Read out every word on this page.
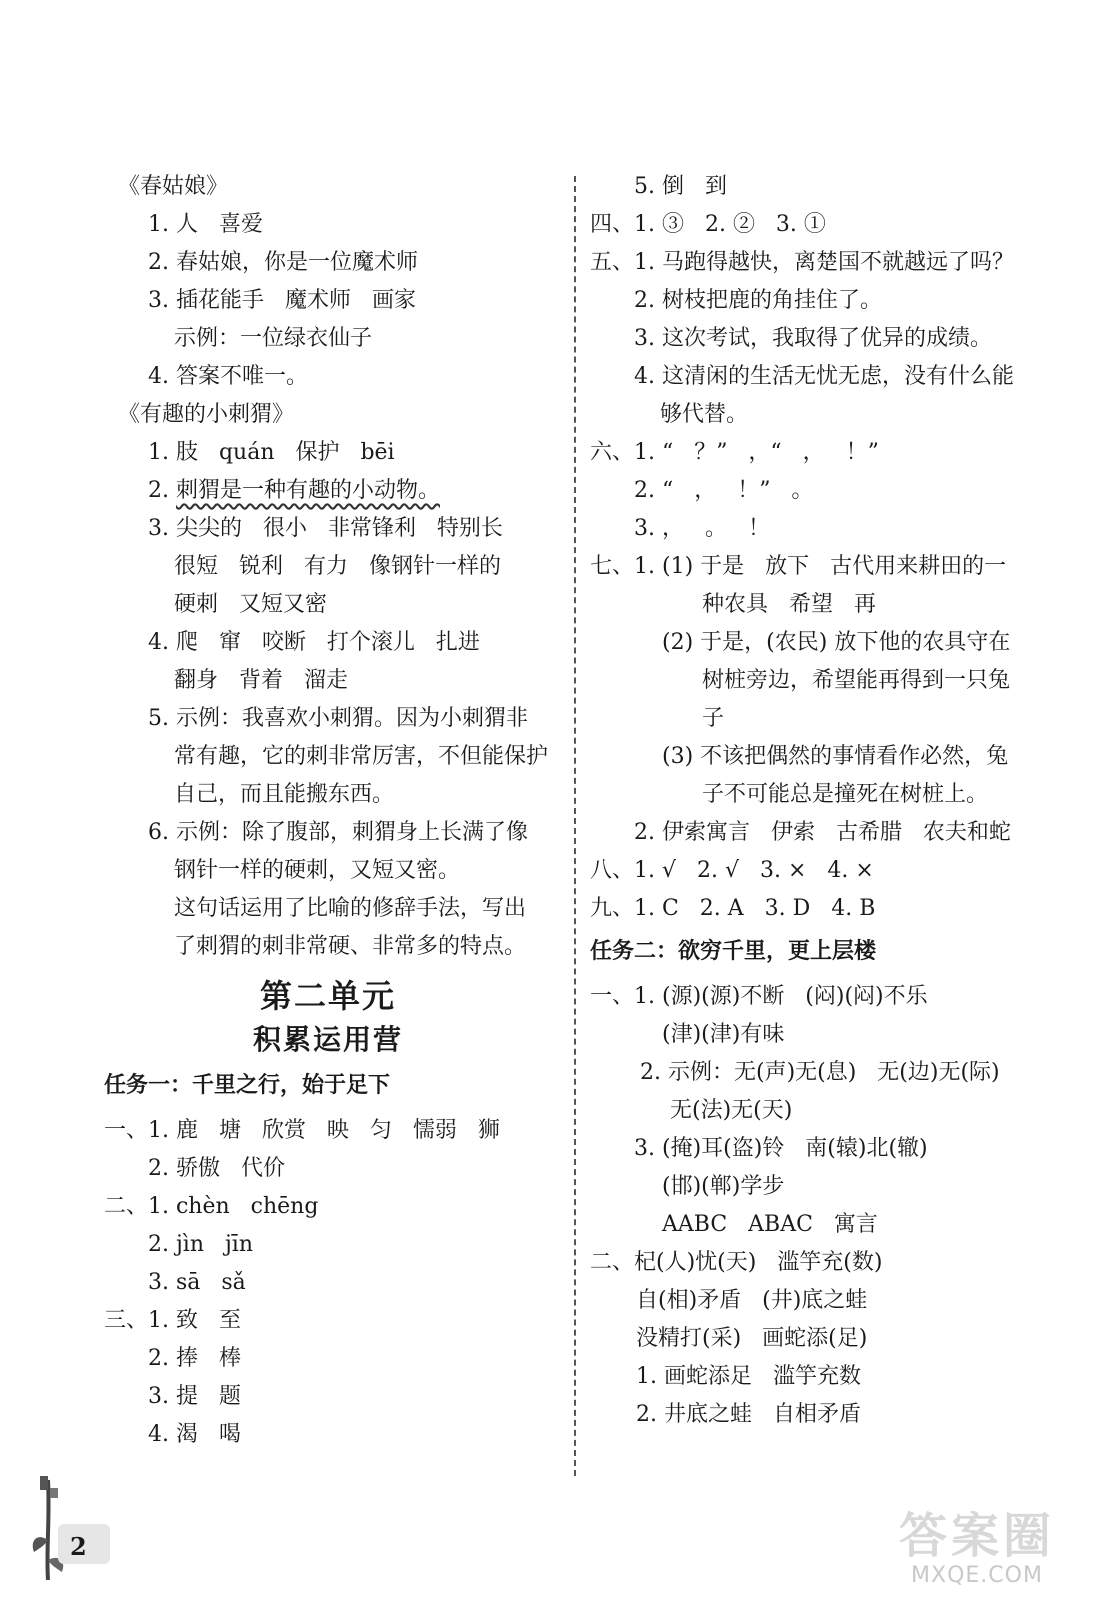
《春姑娘》
1. 人   喜爱
2. 春姑娘，你是一位魔术师
3. 插花能手   魔术师   画家
示例：一位绿衣仙子
4. 答案不唯一。
《有趣的小刺猬》
1. 肢   quán   保护   bēi
2. 刺猬是一种有趣的小动物。
3. 尖尖的   很小   非常锋利   特别长
很短   锐利   有力   像钢针一样的
硬刺   又短又密
4. 爬   窜   咬断   打个滚儿   扎进
翻身   背着   溜走
5. 示例：我喜欢小刺猬。因为小刺猬非
常有趣，它的刺非常厉害，不但能保护
自己，而且能搬东西。
6. 示例：除了腹部，刺猬身上长满了像
钢针一样的硬刺，又短又密。
这句话运用了比喻的修辞手法，写出
了刺猬的刺非常硬、非常多的特点。
第二单元
积累运用营
任务一：千里之行，始于足下
一、1. 鹿   塘   欣赏   映   匀   懦弱   狮
2. 骄傲   代价
二、1. chèn   chēng
2. jìn   jīn
3. sā   sǎ
三、1. 致   至
2. 捧   棒
3. 提   题
4. 渴   喝
5. 倒   到
四、1. ③   2. ②   3. ①
五、1. 马跑得越快，离楚国不就越远了吗？
2. 树枝把鹿的角挂住了。
3. 这次考试，我取得了优异的成绩。
4. 这清闲的生活无忧无虑，没有什么能
够代替。
六、1. “   ？”   ，“   ，   ！”
2. “   ，   ！”   。
3. ，   。   ！
七、1. (1) 于是   放下   古代用来耕田的一
种农具   希望   再
(2) 于是，(农民) 放下他的农具守在
树桩旁边，希望能再得到一只兔
子
(3) 不该把偶然的事情看作必然，兔
子不可能总是撞死在树桩上。
2. 伊索寓言   伊索   古希腊   农夫和蛇
八、1. √   2. √   3. ×   4. ×
九、1. C   2. A   3. D   4. B
任务二：欲穷千里，更上层楼
一、1. (源)(源)不断   (闷)(闷)不乐
(津)(津)有味
2. 示例：无(声)无(息)   无(边)无(际)
无(法)无(天)
3. (掩)耳(盗)铃   南(辕)北(辙)
(邯)(郸)学步
AABC   ABAC   寓言
二、杞(人)忧(天)   滥竽充(数)
自(相)矛盾   (井)底之蛙
没精打(采)   画蛇添(足)
1. 画蛇添足   滥竽充数
2. 井底之蛙   自相矛盾
2	答案圈
MXQE.COM
